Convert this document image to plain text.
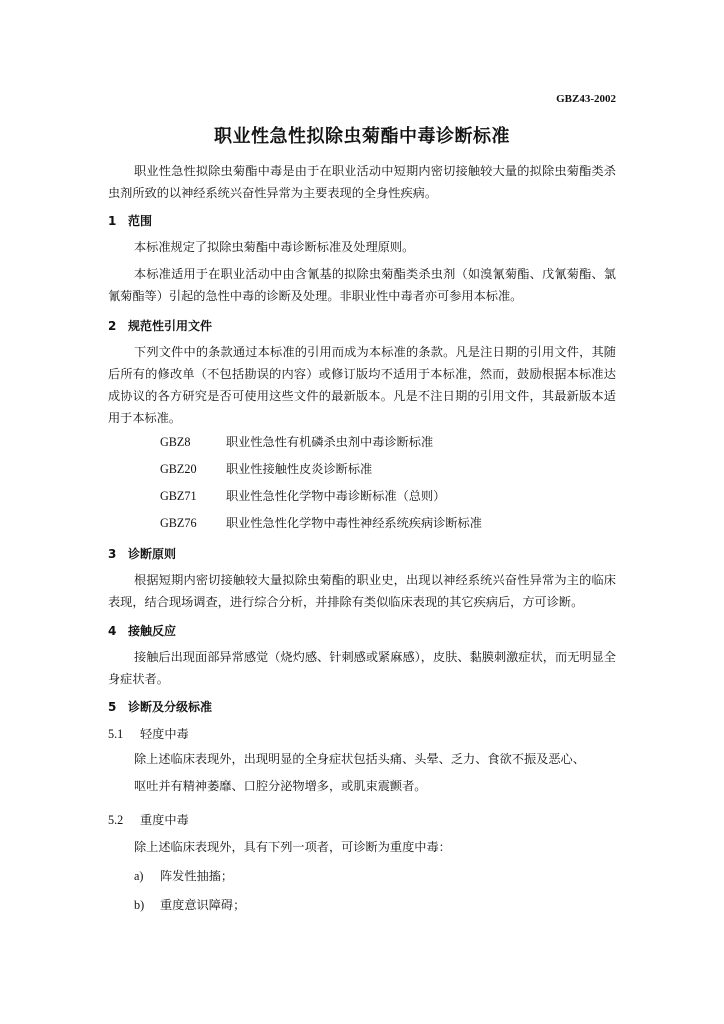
GBZ43-2002
职业性急性拟除虫菊酯中毒诊断标准
职业性急性拟除虫菊酯中毒是由于在职业活动中短期内密切接触较大量的拟除虫菊酯类杀虫剂所致的以神经系统兴奋性异常为主要表现的全身性疾病。
1 范围
本标准规定了拟除虫菊酯中毒诊断标准及处理原则。
本标准适用于在职业活动中由含氰基的拟除虫菊酯类杀虫剂（如溴氰菊酯、戊氰菊酯、氯氰菊酯等）引起的急性中毒的诊断及处理。非职业性中毒者亦可参用本标准。
2 规范性引用文件
下列文件中的条款通过本标准的引用而成为本标准的条款。凡是注日期的引用文件，其随后所有的修改单（不包括勘误的内容）或修订版均不适用于本标准，然而，鼓励根据本标准达成协议的各方研究是否可使用这些文件的最新版本。凡是不注日期的引用文件，其最新版本适用于本标准。
GBZ8	职业性急性有机磷杀虫剂中毒诊断标准
GBZ20 职业性接触性皮炎诊断标准
GBZ71 职业性急性化学物中毒诊断标准（总则）
GBZ76 职业性急性化学物中毒性神经系统疾病诊断标准
3 诊断原则
根据短期内密切接触较大量拟除虫菊酯的职业史，出现以神经系统兴奋性异常为主的临床表现，结合现场调查，进行综合分析，并排除有类似临床表现的其它疾病后，方可诊断。
4 接触反应
接触后出现面部异常感觉（烧灼感、针刺感或紧麻感），皮肤、黏膜刺激症状，而无明显全身症状者。
5 诊断及分级标准
5.1 轻度中毒
除上述临床表现外，出现明显的全身症状包括头痛、头晕、乏力、食欲不振及恶心、
呕吐并有精神萎靡、口腔分泌物增多，或肌束震颤者。
5.2 重度中毒
除上述临床表现外，具有下列一项者，可诊断为重度中毒：
a) 阵发性抽搐；
b) 重度意识障碍；
